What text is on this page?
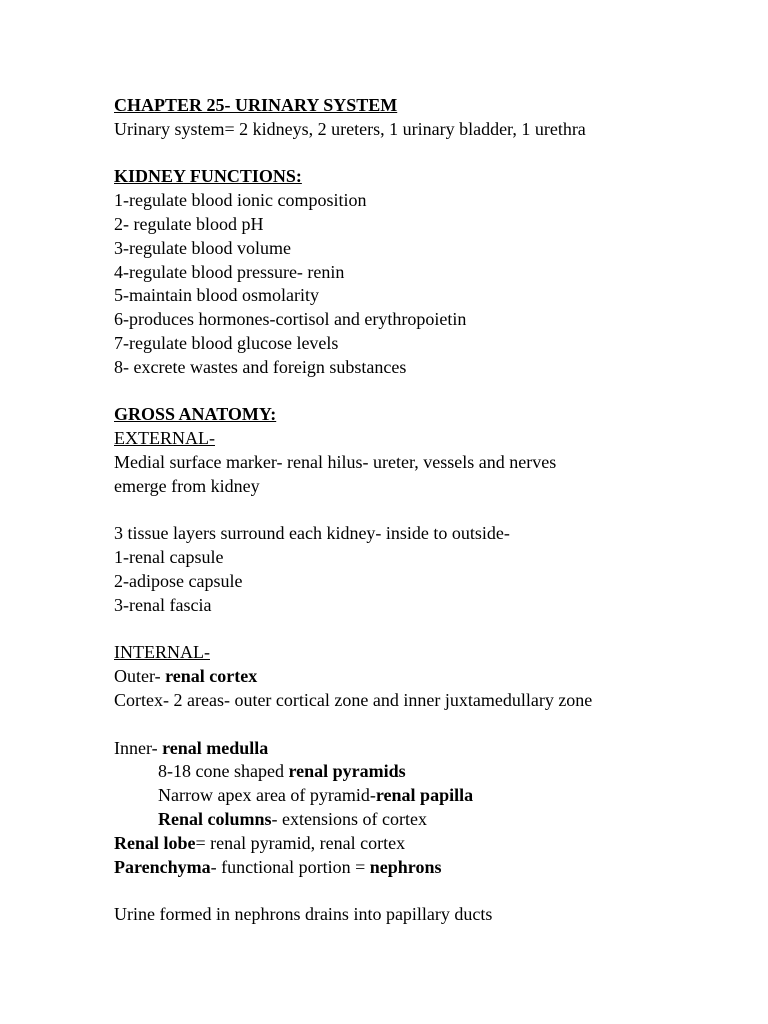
CHAPTER 25- URINARY SYSTEM
Urinary system= 2 kidneys, 2 ureters, 1 urinary bladder, 1 urethra
KIDNEY FUNCTIONS:
1-regulate blood ionic composition
2- regulate blood pH
3-regulate blood volume
4-regulate blood pressure- renin
5-maintain blood osmolarity
6-produces hormones-cortisol and erythropoietin
7-regulate blood glucose levels
8- excrete wastes and foreign substances
GROSS ANATOMY:
EXTERNAL-
Medial surface marker- renal hilus- ureter, vessels and nerves
emerge from kidney
3 tissue layers surround each kidney- inside to outside-
1-renal capsule
2-adipose capsule
3-renal fascia
INTERNAL-
Outer- renal cortex
Cortex- 2 areas- outer cortical zone and inner juxtamedullary zone
Inner- renal medulla
8-18 cone shaped renal pyramids
Narrow apex area of pyramid-renal papilla
Renal columns- extensions of cortex
Renal lobe= renal pyramid, renal cortex
Parenchyma- functional portion = nephrons
Urine formed in nephrons drains into papillary ducts
